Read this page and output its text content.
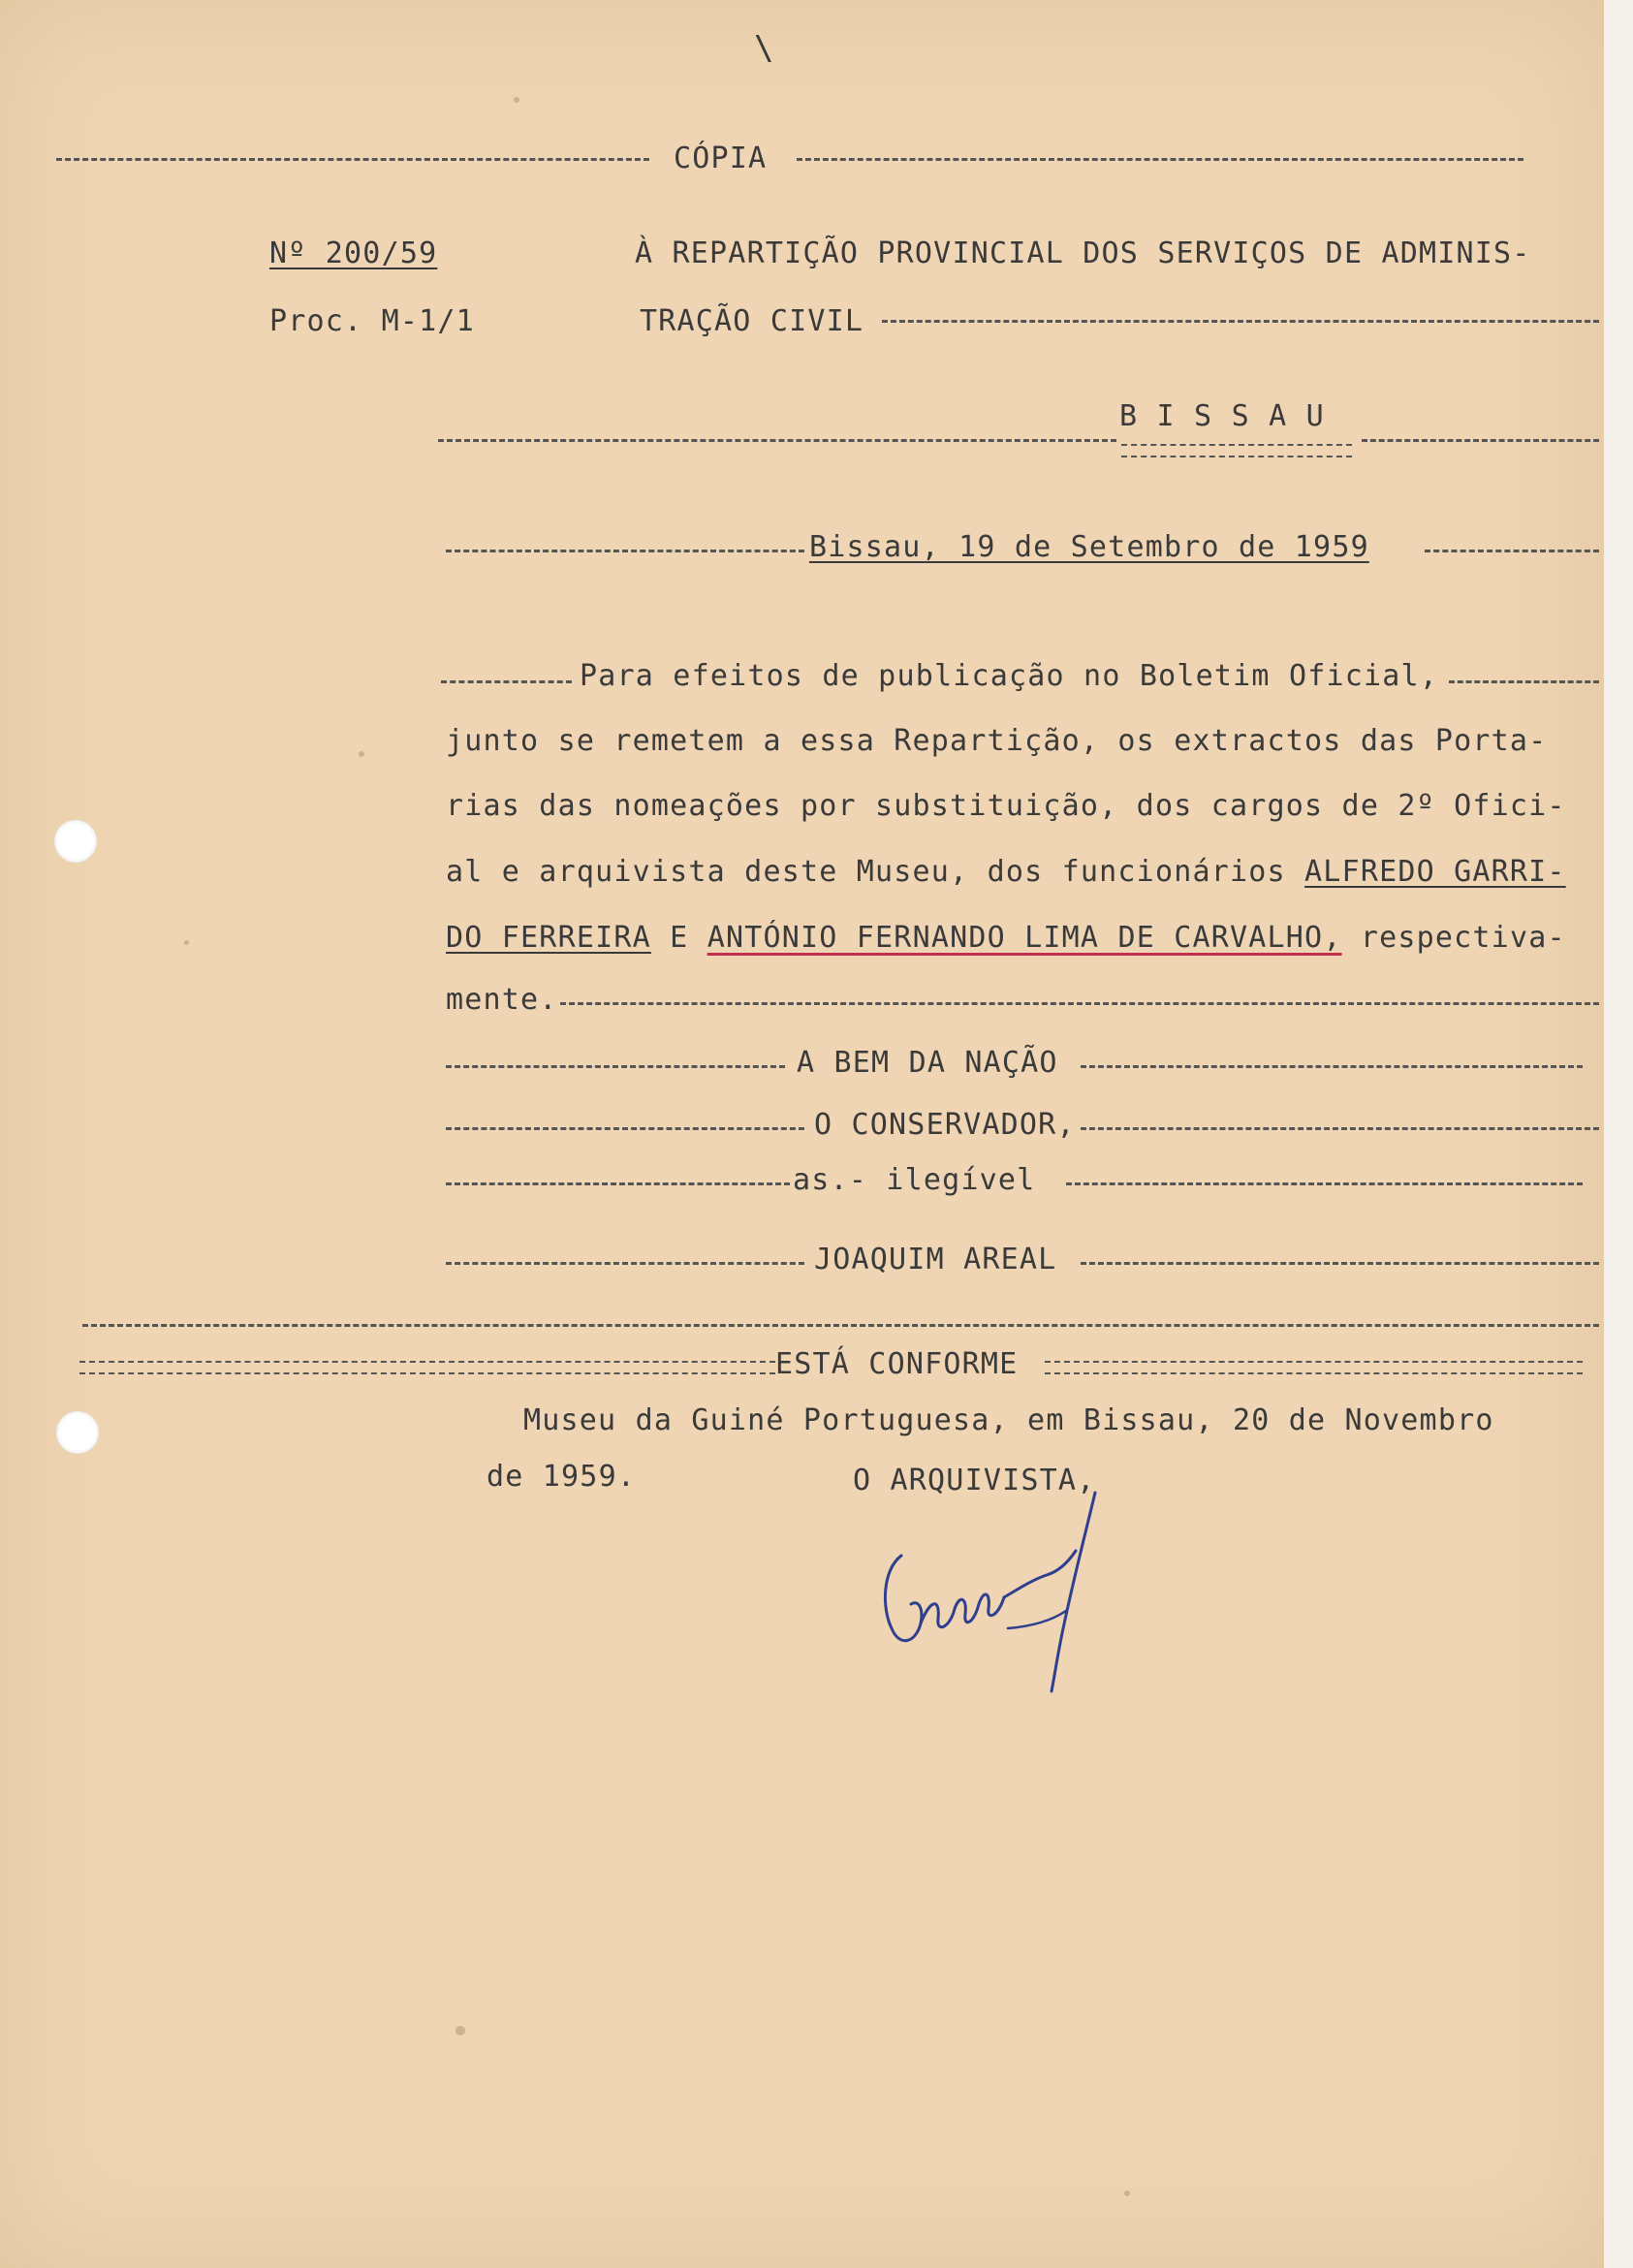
\
CÓPIA
Nº 200/59
Proc. M-1/1
À REPARTIÇÃO PROVINCIAL DOS SERVIÇOS DE ADMINIS-
TRAÇÃO CIVIL
B I S S A U
Bissau, 19 de Setembro de 1959
Para efeitos de publicação no Boletim Oficial,
junto se remetem a essa Repartição, os extractos das Porta-
rias das nomeações por substituição, dos cargos de 2º Ofici-
al e arquivista deste Museu, dos funcionários ALFREDO GARRI-
DO FERREIRA E ANTÓNIO FERNANDO LIMA DE CARVALHO, respectiva-
mente.
A BEM DA NAÇÃO
O CONSERVADOR,
as.- ilegível
JOAQUIM AREAL
ESTÁ CONFORME
Museu da Guiné Portuguesa, em Bissau, 20 de Novembro
de 1959.	O ARQUIVISTA,
